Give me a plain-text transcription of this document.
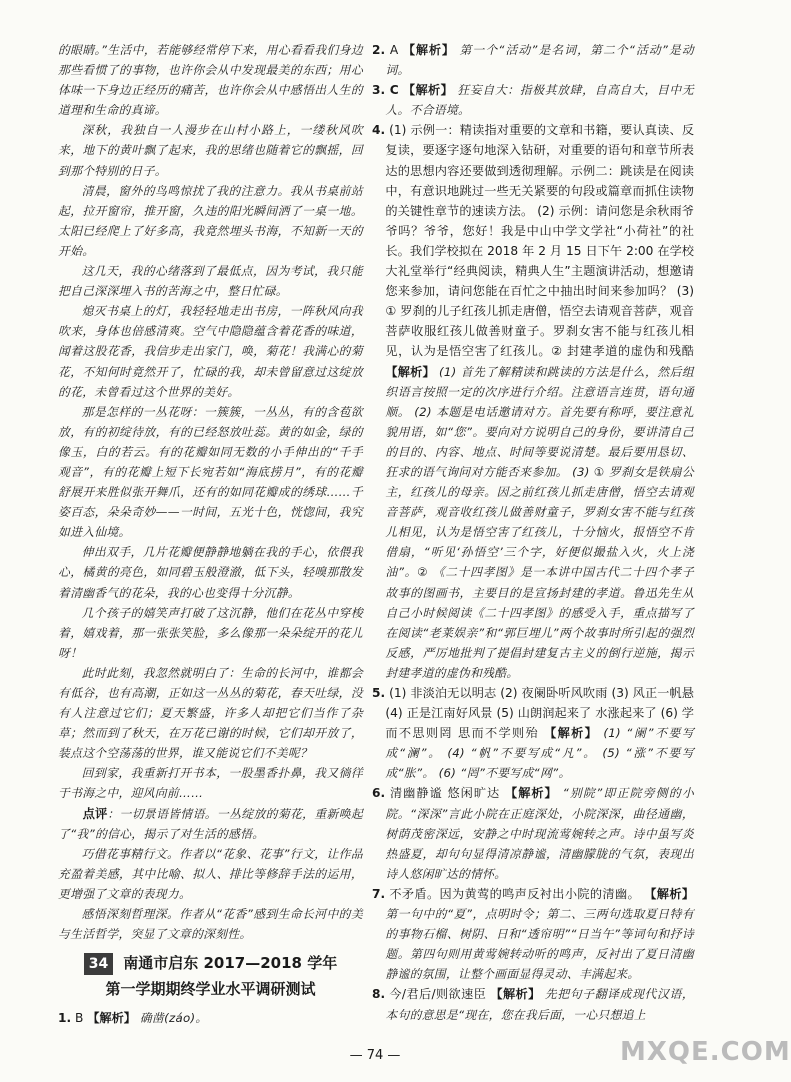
的眼睛。”生活中，若能够经常停下来，用心看看我们身边那些看惯了的事物，也许你会从中发现最美的东西；用心体味一下身边正经历的痛苦，也许你会从中感悟出人生的道理和生命的真谛。

深秋，我独自一人漫步在山村小路上，一缕秋风吹来，地下的黄叶飘了起来，我的思绪也随着它的飘摇，回到那个特别的日子。

清晨，窗外的鸟鸣惊扰了我的注意力。我从书桌前站起，拉开窗帘，推开窗，久违的阳光瞬间洒了一桌一地。太阳已经爬上了好多高，我竟然埋头书海，不知新一天的开始。

这几天，我的心绪落到了最低点，因为考试，我只能把自己深深埋入书的苦海之中，整日忙碌。

熄灭书桌上的灯，我轻轻地走出书房，一阵秋风向我吹来，身体也倍感清爽。空气中隐隐蕴含着花香的味道，闻着这股花香，我信步走出家门，唤，菊花！我满心的菊花，不知何时竟然开了，忙碌的我，却未曾留意过这绽放的花，未曾看过这个世界的美好。

那是怎样的一丛花呀：一簇簇，一丛丛，有的含苞欲放，有的初绽待放，有的已经怒放吐蕊。黄的如金，绿的像玉，白的若云。有的花瓣如同无数的小手伸出的“千手观音”，有的花瓣上短下长宛若如“海底捞月”，有的花瓣舒展开来胜似张开舞爪，还有的如同花瓣成的绣球……千姿百态，朵朵奇妙——一时间，五光十色，恍惚间，我究如进入仙境。

伸出双手，几片花瓣便静静地躺在我的手心，依偎我心，橘黄的亮色，如同碧玉般澄澈，低下头，轻嗅那散发着清幽香气的花朵，我的心也变得十分沉静。

几个孩子的嬉笑声打破了这沉静，他们在花丛中穿梭着，嬉戏着，那一张张笑脸，多么像那一朵朵绽开的花儿呀！

此时此刻，我忽然就明白了：生命的长河中，谁都会有低谷，也有高潮，正如这一丛丛的菊花，春天吐绿，没有人注意过它们；夏天繁盛，许多人却把它们当作了杂草；然而到了秋天，在万花已谢的时候，它们却开放了，装点这个空荡荡的世界，谁又能说它们不美呢？

回到家，我重新打开书本，一股墨香扑鼻，我又徜徉于书海之中，迎风向前……

点评：一切景语皆情语。一丛绽放的菊花，重新唤起了“我”的信心，揭示了对生活的感悟。

巧借花事精行文。作者以“花象、花事”行文，让作品充盈着美感，其中比喻、拟人、排比等修辞手法的运用，更增强了文章的表现力。

感悟深刻哲理深。作者从“花香”感到生命长河中的美与生活哲学，突显了文章的深刻性。

34 南通市启东 2017—2018 学年
第一学期期终学业水平调研测试

1. B 【解析】 确凿(záo)。

2. A 【解析】 第一个“活动”是名词，第二个“活动”是动词。

3. C 【解析】 狂妄自大：指极其放肆，自高自大，目中无人。不合语境。

4. (1) 示例一：精读指对重要的文章和书籍，要认真读、反复读，要逐字逐句地深入钻研，对重要的语句和章节所表达的思想内容还要做到透彻理解。示例二：跳读是在阅读中，有意识地跳过一些无关紧要的句段或篇章而抓住读物的关键性章节的速读方法。 (2) 示例：请问您是余秋雨爷爷吗？爷爷，您好！我是中山中学文学社“小荷社”的社长。我们学校拟在 2018 年 2 月 15 日下午 2:00 在学校大礼堂举行“经典阅读，精典人生”主题演讲活动，想邀请您来参加，请问您能在百忙之中抽出时间来参加吗？ (3) ① 罗刹的儿子红孩儿抓走唐僧，悟空去请观音菩萨，观音菩萨收服红孩儿做善财童子。罗刹女害不能与红孩儿相见，认为是悟空害了红孩儿。② 封建孝道的虚伪和残酷 【解析】 (1) 首先了解精读和跳读的方法是什么，然后组织语言按照一定的次序进行介绍。注意语言连贯，语句通顺。 (2) 本题是电话邀请对方。首先要有称呼，要注意礼貌用语，如“您”。要向对方说明自己的身份，要讲清自己的目的、内容、地点、时间等要说清楚。最后要用恳切、狂求的语气询问对方能否来参加。 (3) ① 罗刹女是铁扇公主，红孩儿的母亲。因之前红孩儿抓走唐僧，悟空去请观音菩萨，观音收红孩儿做善财童子，罗刹女害不能与红孩儿相见，认为是悟空害了红孩儿，十分恼火，报悟空不肯借扇，“听见‘孙悟空’三个字，好便似撮盐入火，火上浇油”。② 《二十四孝图》是一本讲中国古代二十四个孝子故事的图画书，主要目的是宣扬封建的孝道。鲁迅先生从自己小时候阅读《二十四孝图》的感受入手，重点描写了在阅读“老莱娱亲”和“郭巨埋儿”两个故事时所引起的强烈反感，严厉地批判了提倡封建复古主义的倒行逆施，揭示封建孝道的虚伪和残酷。

5. (1) 非淡泊无以明志 (2) 夜阑卧听风吹雨 (3) 风正一帆悬 (4) 正是江南好风景 (5) 山朗润起来了 水涨起来了 (6) 学而不思则罔 思而不学则殆 【解析】 (1) “阑”不要写成“澜”。 (4) “帆”不要写成“凡”。 (5) “涨”不要写成“胀”。 (6) “罔”不要写成“网”。

6. 清幽静谧 悠闲旷达 【解析】 “别院”即正院旁侧的小院。“深深”言此小院在正庭深处，小院深深，曲径通幽，树荫茂密深远，安静之中时现流莺婉转之声。诗中虽写炎热盛夏，却句句显得清凉静谧，清幽朦胧的气氛，表现出诗人悠闲旷达的情怀。

7. 不矛盾。因为黄莺的鸣声反衬出小院的清幽。 【解析】 第一句中的“夏”，点明时令；第二、三两句选取夏日特有的事物石榴、树阴、日和“透帘明”“日当午”等词句和抒诗题。第四句则用黄莺婉转动听的鸣声，反衬出了夏日清幽静谧的氛围，让整个画面显得灵动、丰满起来。

8. 今/君后/则欲速臣 【解析】 先把句子翻译成现代汉语，本句的意思是“现在，您在我后面，一心只想追上

— 74 —	MXQE.COM
